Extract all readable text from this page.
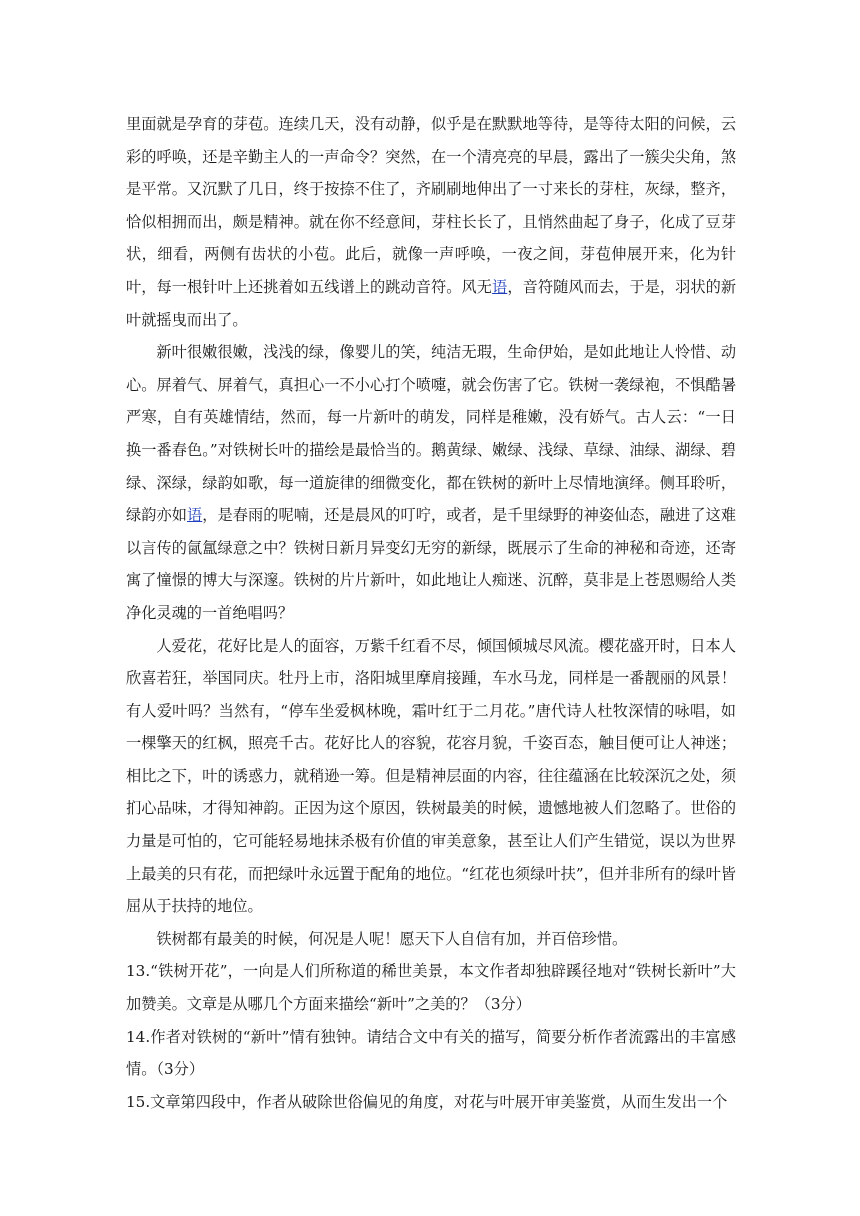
里面就是孕育的芽苞。连续几天，没有动静，似乎是在默默地等待，是等待太阳的问候，云彩的呼唤，还是辛勤主人的一声命令？突然，在一个清亮亮的早晨，露出了一簇尖尖角，煞是平常。又沉默了几日，终于按捺不住了，齐刷刷地伸出了一寸来长的芽柱，灰绿，整齐，恰似相拥而出，颇是精神。就在你不经意间，芽柱长长了，且悄然曲起了身子，化成了豆芽状，细看，两侧有齿状的小苞。此后，就像一声呼唤，一夜之间，芽苞伸展开来，化为针叶，每一根针叶上还挑着如五线谱上的跳动音符。风无语，音符随风而去，于是，羽状的新叶就摇曳而出了。

新叶很嫩很嫩，浅浅的绿，像婴儿的笑，纯洁无瑕，生命伊始，是如此地让人怜惜、动心。屏着气、屏着气，真担心一不小心打个喷嚏，就会伤害了它。铁树一袭绿袍，不惧酷暑严寒，自有英雄情结，然而，每一片新叶的萌发，同样是稚嫩，没有娇气。古人云：“一日换一番春色。”对铁树长叶的描绘是最恰当的。鹅黄绿、嫩绿、浅绿、草绿、油绿、湖绿、碧绿、深绿，绿韵如歌，每一道旋律的细微变化，都在铁树的新叶上尽情地演绎。侧耳聆听，绿韵亦如语，是春雨的呢喃，还是晨风的叮咛，或者，是千里绿野的神姿仙态，融进了这难以言传的氤氲绿意之中？铁树日新月异变幻无穷的新绿，既展示了生命的神秘和奇迹，还寄寓了憧憬的博大与深邃。铁树的片片新叶，如此地让人痴迷、沉醉，莫非是上苍恩赐给人类净化灵魂的一首绝唱吗？

人爱花，花好比是人的面容，万紫千红看不尽，倾国倾城尽风流。樱花盛开时，日本人欣喜若狂，举国同庆。牡丹上市，洛阳城里摩肩接踵，车水马龙，同样是一番靓丽的风景！有人爱叶吗？当然有，“停车坐爱枫林晚，霜叶红于二月花。”唐代诗人杜牧深情的咏唱，如一棵擎天的红枫，照亮千古。花好比人的容貌，花容月貌，千姿百态，触目便可让人神迷；相比之下，叶的诱惑力，就稍逊一筹。但是精神层面的内容，往往蕴涵在比较深沉之处，须扪心品味，才得知神韵。正因为这个原因，铁树最美的时候，遗憾地被人们忽略了。世俗的力量是可怕的，它可能轻易地抹杀极有价值的审美意象，甚至让人们产生错觉，误以为世界上最美的只有花，而把绿叶永远置于配角的地位。“红花也须绿叶扶”，但并非所有的绿叶皆屈从于扶持的地位。

铁树都有最美的时候，何况是人呢！愿天下人自信有加，并百倍珍惜。

13.“铁树开花”，一向是人们所称道的稀世美景，本文作者却独辟蹊径地对“铁树长新叶”大加赞美。文章是从哪几个方面来描绘“新叶”之美的？（3分）

14.作者对铁树的“新叶”情有独钟。请结合文中有关的描写，简要分析作者流露出的丰富感情。（3分）

15.文章第四段中，作者从破除世俗偏见的角度，对花与叶展开审美鉴赏，从而生发出一个
